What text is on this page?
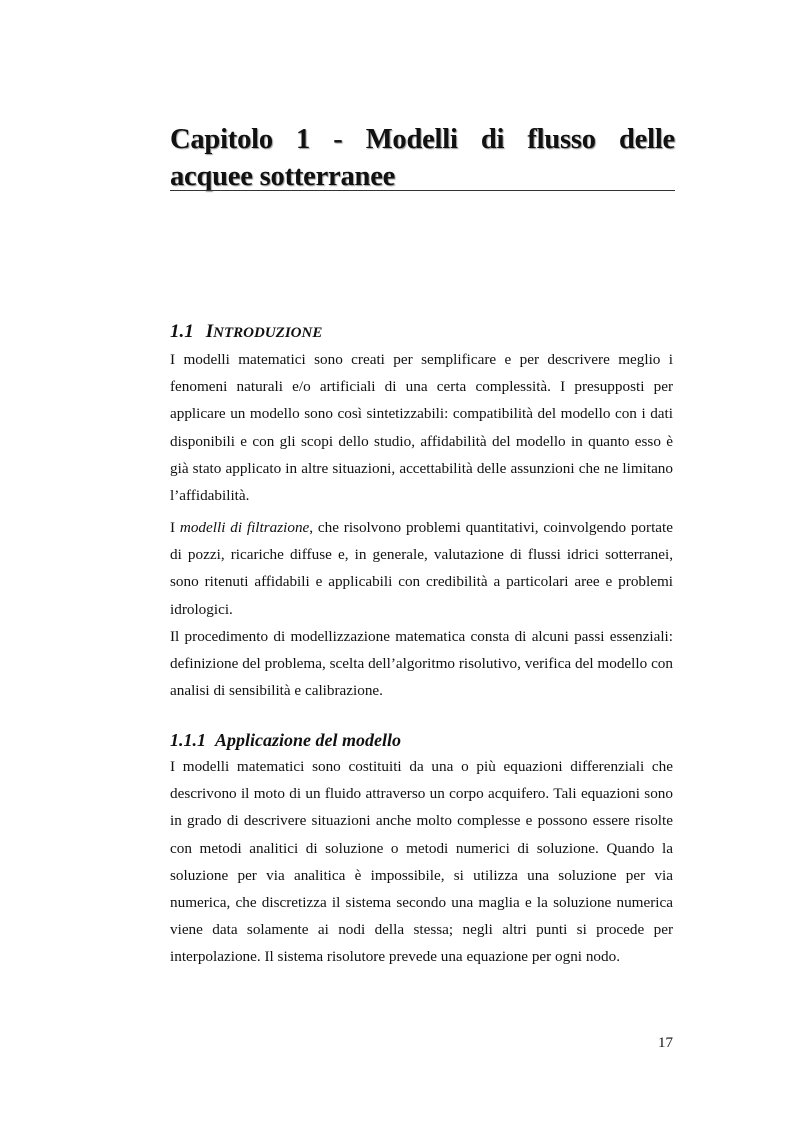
Capitolo 1 - Modelli di flusso delle
acquee sotterranee
1.1 INTRODUZIONE

I modelli matematici sono creati per semplificare e per descrivere meglio i fenomeni naturali e/o artificiali di una certa complessità. I presupposti per applicare un modello sono così sintetizzabili: compatibilità del modello con i dati disponibili e con gli scopi dello studio, affidabilità del modello in quanto esso è già stato applicato in altre situazioni, accettabilità delle assunzioni che ne limitano l’affidabilità.

I modelli di filtrazione, che risolvono problemi quantitativi, coinvolgendo portate di pozzi, ricariche diffuse e, in generale, valutazione di flussi idrici sotterranei, sono ritenuti affidabili e applicabili con credibilità a particolari aree e problemi idrologici.

Il procedimento di modellizzazione matematica consta di alcuni passi essenziali: definizione del problema, scelta dell’algoritmo risolutivo, verifica del modello con analisi di sensibilità e calibrazione.

1.1.1 Applicazione del modello

I modelli matematici sono costituiti da una o più equazioni differenziali che descrivono il moto di un fluido attraverso un corpo acquifero. Tali equazioni sono in grado di descrivere situazioni anche molto complesse e possono essere risolte con metodi analitici di soluzione o metodi numerici di soluzione. Quando la soluzione per via analitica è impossibile, si utilizza una soluzione per via numerica, che discretizza il sistema secondo una maglia e la soluzione numerica viene data solamente ai nodi della stessa; negli altri punti si procede per interpolazione. Il sistema risolutore prevede una equazione per ogni nodo.

17
